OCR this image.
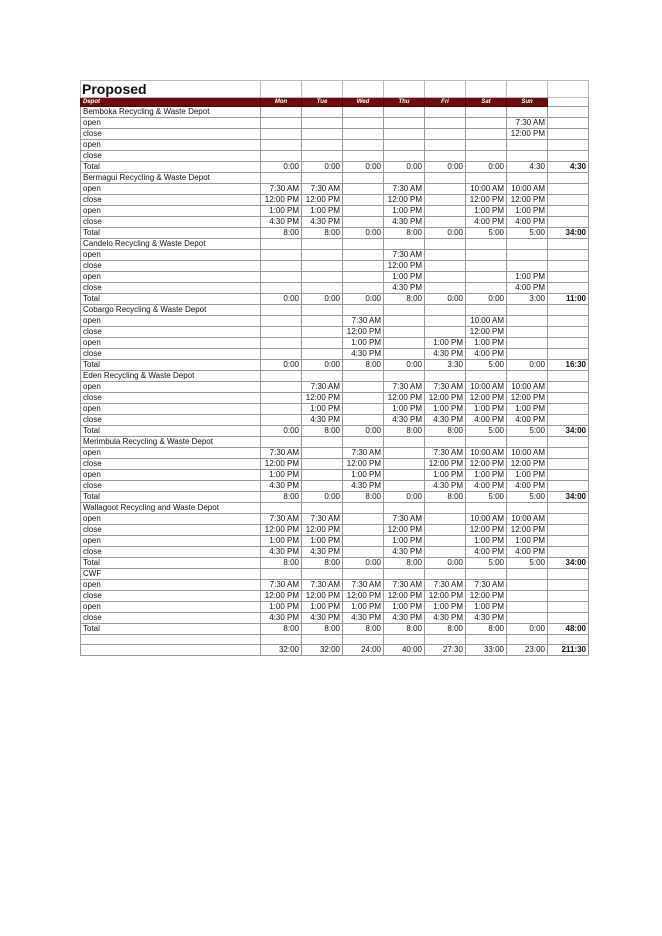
Proposed								
Depot	Mon	Tue	Wed	Thu	Fri	Sat	Sun	
Bemboka Recycling & Waste Depot								
open							7:30 AM	
close							12:00 PM	
open								
close								
Total	0:00	0:00	0:00	0:00	0:00	0:00	4:30	4:30
Bermagui Recycling & Waste Depot								
open	7:30 AM	7:30 AM		7:30 AM		10:00 AM	10:00 AM	
close	12:00 PM	12:00 PM		12:00 PM		12:00 PM	12:00 PM	
open	1:00 PM	1:00 PM		1:00 PM		1:00 PM	1:00 PM	
close	4:30 PM	4:30 PM		4:30 PM		4:00 PM	4:00 PM	
Total	8:00	8:00	0:00	8:00	0:00	5:00	5:00	34:00
Candelo Recycling & Waste Depot								
open				7:30 AM				
close				12:00 PM				
open				1:00 PM			1:00 PM	
close				4:30 PM			4:00 PM	
Total	0:00	0:00	0:00	8:00	0:00	0:00	3:00	11:00
Cobargo Recycling & Waste Depot								
open			7:30 AM			10:00 AM		
close			12:00 PM			12:00 PM		
open			1:00 PM		1:00 PM	1:00 PM		
close			4:30 PM		4:30 PM	4:00 PM		
Total	0:00	0:00	8:00	0:00	3:30	5:00	0:00	16:30
Eden Recycling & Waste Depot								
open		7:30 AM		7:30 AM	7:30 AM	10:00 AM	10:00 AM	
close		12:00 PM		12:00 PM	12:00 PM	12:00 PM	12:00 PM	
open		1:00 PM		1:00 PM	1:00 PM	1:00 PM	1:00 PM	
close		4:30 PM		4:30 PM	4:30 PM	4:00 PM	4:00 PM	
Total	0:00	8:00	0:00	8:00	8:00	5:00	5:00	34:00
Merimbula Recycling & Waste Depot								
open	7:30 AM		7:30 AM		7:30 AM	10:00 AM	10:00 AM	
close	12:00 PM		12:00 PM		12:00 PM	12:00 PM	12:00 PM	
open	1:00 PM		1:00 PM		1:00 PM	1:00 PM	1:00 PM	
close	4:30 PM		4:30 PM		4:30 PM	4:00 PM	4:00 PM	
Total	8:00	0:00	8:00	0:00	8:00	5:00	5:00	34:00
Wallagoot Recycling and Waste Depot								
open	7:30 AM	7:30 AM		7:30 AM		10:00 AM	10:00 AM	
close	12:00 PM	12:00 PM		12:00 PM		12:00 PM	12:00 PM	
open	1:00 PM	1:00 PM		1:00 PM		1:00 PM	1:00 PM	
close	4:30 PM	4:30 PM		4:30 PM		4:00 PM	4:00 PM	
Total	8:00	8:00	0:00	8:00	0:00	5:00	5:00	34:00
CWF								
open	7:30 AM	7:30 AM	7:30 AM	7:30 AM	7:30 AM	7:30 AM		
close	12:00 PM	12:00 PM	12:00 PM	12:00 PM	12:00 PM	12:00 PM		
open	1:00 PM	1:00 PM	1:00 PM	1:00 PM	1:00 PM	1:00 PM		
close	4:30 PM	4:30 PM	4:30 PM	4:30 PM	4:30 PM	4:30 PM		
Total	8:00	8:00	8:00	8:00	8:00	8:00	0:00	48:00

	32:00	32:00	24:00	40:00	27:30	33:00	23:00	211:30
